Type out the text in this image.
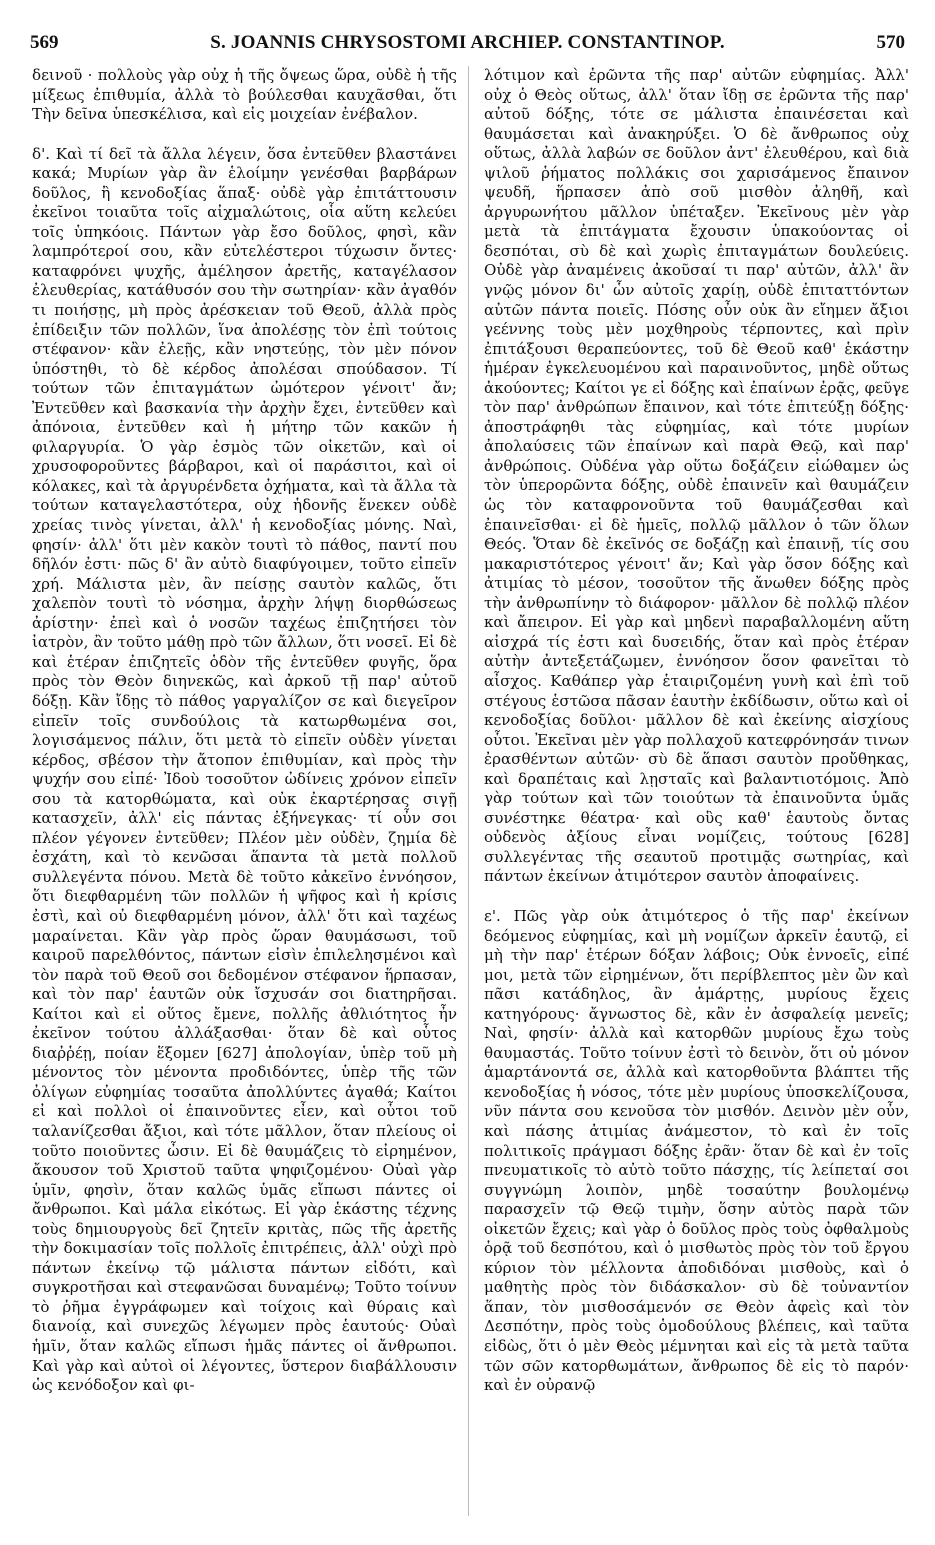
569	S. JOANNIS CHRYSOSTOMI ARCHIEP. CONSTANTINOP.	570

δεινοῦ · πολλοὺς γὰρ οὐχ ἡ τῆς ὄψεως ὥρα, οὐδὲ ἡ τῆς μίξεως ἐπιθυμία, ἀλλὰ τὸ βούλεσθαι καυχᾶσθαι, ὅτι Τὴν δεῖνα ὑπεσκέλισα, καὶ εἰς μοιχείαν ἐνέβαλον.

δ'. Καὶ τί δεῖ τὰ ἄλλα λέγειν, ὅσα ἐντεῦθεν βλαστάνει κακά; Μυρίων γὰρ ἂν ἑλοίμην γενέσθαι βαρβάρων δοῦλος, ἢ κενοδοξίας ἅπαξ· οὐδὲ γὰρ ἐπιτάττουσιν ἐκεῖνοι τοιαῦτα τοῖς αἰχμαλώτοις, οἷα αὕτη κελεύει τοῖς ὑπηκόοις. Πάντων γὰρ ἔσο δοῦλος, φησὶ, κἂν λαμπρότεροί σου, κἂν εὐτελέστεροι τύχωσιν ὄντες· καταφρόνει ψυχῆς, ἀμέλησον ἀρετῆς, καταγέλασον ἐλευθερίας, κατάθυσόν σου τὴν σωτηρίαν· κἂν ἀγαθόν τι ποιήσῃς, μὴ πρὸς ἀρέσκειαν τοῦ Θεοῦ, ἀλλὰ πρὸς ἐπίδειξιν τῶν πολλῶν, ἵνα ἀπολέσῃς τὸν ἐπὶ τούτοις στέφανον· κἂν ἐλεῇς, κἂν νηστεύῃς, τὸν μὲν πόνον ὑπόστηθι, τὸ δὲ κέρδος ἀπολέσαι σπούδασον. Τί τούτων τῶν ἐπιταγμάτων ὠμότερον γένοιτ' ἄν; Ἐντεῦθεν καὶ βασκανία τὴν ἀρχὴν ἔχει, ἐντεῦθεν καὶ ἀπόνοια, ἐντεῦθεν καὶ ἡ μήτηρ τῶν κακῶν ἡ φιλαργυρία. Ὁ γὰρ ἐσμὸς τῶν οἰκετῶν, καὶ οἱ χρυσοφοροῦντες βάρβαροι, καὶ οἱ παράσιτοι, καὶ οἱ κόλακες, καὶ τὰ ἀργυρένδετα ὀχήματα, καὶ τὰ ἄλλα τὰ τούτων καταγελαστότερα, οὐχ ἡδονῆς ἕνεκεν οὐδὲ χρείας τινὸς γίνεται, ἀλλ' ἡ κενοδοξίας μόνης. Ναὶ, φησίν· ἀλλ' ὅτι μὲν κακὸν τουτὶ τὸ πάθος, παντί που δῆλόν ἐστι· πῶς δ' ἂν αὐτὸ διαφύγοιμεν, τοῦτο εἰπεῖν χρή. Μάλιστα μὲν, ἂν πείσῃς σαυτὸν καλῶς, ὅτι χαλεπὸν τουτὶ τὸ νόσημα, ἀρχὴν λήψῃ διορθώσεως ἀρίστην· ἐπεὶ καὶ ὁ νοσῶν ταχέως ἐπιζητήσει τὸν ἰατρὸν, ἂν τοῦτο μάθῃ πρὸ τῶν ἄλλων, ὅτι νοσεῖ. Εἰ δὲ καὶ ἑτέραν ἐπιζητεῖς ὁδὸν τῆς ἐντεῦθεν φυγῆς, ὅρα πρὸς τὸν Θεὸν διηνεκῶς, καὶ ἀρκοῦ τῇ παρ' αὐτοῦ δόξῃ. Κἂν ἴδῃς τὸ πάθος γαργαλίζον σε καὶ διεγεῖρον εἰπεῖν τοῖς συνδούλοις τὰ κατωρθωμένα σοι, λογισάμενος πάλιν, ὅτι μετὰ τὸ εἰπεῖν οὐδὲν γίνεται κέρδος, σβέσον τὴν ἄτοπον ἐπιθυμίαν, καὶ πρὸς τὴν ψυχήν σου εἰπέ· Ἰδοὺ τοσοῦτον ὠδίνεις χρόνον εἰπεῖν σου τὰ κατορθώματα, καὶ οὐκ ἐκαρτέρησας σιγῇ κατασχεῖν, ἀλλ' εἰς πάντας ἐξήνεγκας· τί οὖν σοι πλέον γέγονεν ἐντεῦθεν; Πλέον μὲν οὐδὲν, ζημία δὲ ἐσχάτη, καὶ τὸ κενῶσαι ἅπαντα τὰ μετὰ πολλοῦ συλλεγέντα πόνου. Μετὰ δὲ τοῦτο κἀκεῖνο ἐννόησον, ὅτι διεφθαρμένη τῶν πολλῶν ἡ ψῆφος καὶ ἡ κρίσις ἐστὶ, καὶ οὐ διεφθαρμένη μόνον, ἀλλ' ὅτι καὶ ταχέως μαραίνεται. Κἂν γὰρ πρὸς ὥραν θαυμάσωσι, τοῦ καιροῦ παρελθόντος, πάντων εἰσὶν ἐπιλελησμένοι καὶ τὸν παρὰ τοῦ Θεοῦ σοι δεδομένον στέφανον ἥρπασαν, καὶ τὸν παρ' ἑαυτῶν οὐκ ἴσχυσάν σοι διατηρῆσαι. Καίτοι καὶ εἰ οὕτος ἔμενε, πολλῆς ἀθλιότητος ἦν ἐκεῖνον τούτου ἀλλάξασθαι· ὅταν δὲ καὶ οὗτος διαῤῥέῃ, ποίαν ἕξομεν [627] ἀπολογίαν, ὑπὲρ τοῦ μὴ μένοντος τὸν μένοντα προδιδόντες, ὑπὲρ τῆς τῶν ὀλίγων εὐφημίας τοσαῦτα ἀπολλύντες ἀγαθά; Καίτοι εἰ καὶ πολλοὶ οἱ ἐπαινοῦντες εἶεν, καὶ οὗτοι τοῦ ταλανίζεσθαι ἄξιοι, καὶ τότε μᾶλλον, ὅταν πλείους οἱ τοῦτο ποιοῦντες ὦσιν. Εἰ δὲ θαυμάζεις τὸ εἰρημένον, ἄκουσον τοῦ Χριστοῦ ταῦτα ψηφιζομένου· Οὐαὶ γὰρ ὑμῖν, φησὶν, ὅταν καλῶς ὑμᾶς εἴπωσι πάντες οἱ ἄνθρωποι. Καὶ μάλα εἰκότως. Εἰ γὰρ ἑκάστης τέχνης τοὺς δημιουργοὺς δεῖ ζητεῖν κριτὰς, πῶς τῆς ἀρετῆς τὴν δοκιμασίαν τοῖς πολλοῖς ἐπιτρέπεις, ἀλλ' οὐχὶ πρὸ πάντων ἐκείνῳ τῷ μάλιστα πάντων εἰδότι, καὶ συγκροτῆσαι καὶ στεφανῶσαι δυναμένῳ; Τοῦτο τοίνυν τὸ ῥῆμα ἐγγράφωμεν καὶ τοίχοις καὶ θύραις καὶ διανοίᾳ, καὶ συνεχῶς λέγωμεν πρὸς ἑαυτούς· Οὐαὶ ἡμῖν, ὅταν καλῶς εἴπωσι ἡμᾶς πάντες οἱ ἄνθρωποι. Καὶ γὰρ καὶ αὐτοὶ οἱ λέγοντες, ὕστερον διαβάλλουσιν ὡς κενόδοξον καὶ φι-

λότιμον καὶ ἐρῶντα τῆς παρ' αὐτῶν εὐφημίας. Ἀλλ' οὐχ ὁ Θεὸς οὕτως, ἀλλ' ὅταν ἴδῃ σε ἐρῶντα τῆς παρ' αὐτοῦ δόξης, τότε σε μάλιστα ἐπαινέσεται καὶ θαυμάσεται καὶ ἀνακηρύξει. Ὁ δὲ ἄνθρωπος οὐχ οὕτως, ἀλλὰ λαβών σε δοῦλον ἀντ' ἐλευθέρου, καὶ διὰ ψιλοῦ ῥήματος πολλάκις σοι χαρισάμενος ἔπαινον ψευδῆ, ἥρπασεν ἀπὸ σοῦ μισθὸν ἀληθῆ, καὶ ἀργυρωνήτου μᾶλλον ὑπέταξεν. Ἐκεῖνους μὲν γὰρ μετὰ τὰ ἐπιτάγματα ἔχουσιν ὑπακούοντας οἱ δεσπόται, σὺ δὲ καὶ χωρὶς ἐπιταγμάτων δουλεύεις. Οὐδὲ γὰρ ἀναμένεις ἀκοῦσαί τι παρ' αὐτῶν, ἀλλ' ἂν γνῷς μόνον δι' ὧν αὐτοῖς χαρίῃ, οὐδὲ ἐπιταττόντων αὐτῶν πάντα ποιεῖς. Πόσης οὖν οὐκ ἂν εἴημεν ἄξιοι γεέννης τοὺς μὲν μοχθηροὺς τέρποντες, καὶ πρὶν ἐπιτάξουσι θεραπεύοντες, τοῦ δὲ Θεοῦ καθ' ἑκάστην ἡμέραν ἐγκελευομένου καὶ παραινοῦντος, μηδὲ οὕτως ἀκούοντες; Καίτοι γε εἰ δόξης καὶ ἐπαίνων ἐρᾷς, φεῦγε τὸν παρ' ἀνθρώπων ἔπαινον, καὶ τότε ἐπιτεύξῃ δόξης· ἀποστράφηθι τὰς εὐφημίας, καὶ τότε μυρίων ἀπολαύσεις τῶν ἐπαίνων καὶ παρὰ Θεῷ, καὶ παρ' ἀνθρώποις. Οὐδένα γὰρ οὕτω δοξάζειν εἰώθαμεν ὡς τὸν ὑπερορῶντα δόξης, οὐδὲ ἐπαινεῖν καὶ θαυμάζειν ὡς τὸν καταφρονοῦντα τοῦ θαυμάζεσθαι καὶ ἐπαινεῖσθαι· εἰ δὲ ἡμεῖς, πολλῷ μᾶλλον ὁ τῶν ὅλων Θεός. Ὅταν δὲ ἐκεῖνός σε δοξάζῃ καὶ ἐπαινῇ, τίς σου μακαριστότερος γένοιτ' ἄν; Καὶ γὰρ ὅσον δόξης καὶ ἀτιμίας τὸ μέσον, τοσοῦτον τῆς ἄνωθεν δόξης πρὸς τὴν ἀνθρωπίνην τὸ διάφορον· μᾶλλον δὲ πολλῷ πλέον καὶ ἄπειρον. Εἰ γὰρ καὶ μηδενὶ παραβαλλομένη αὕτη αἰσχρά τίς ἐστι καὶ δυσειδής, ὅταν καὶ πρὸς ἑτέραν αὐτὴν ἀντεξετάζωμεν, ἐννόησον ὅσον φανεῖται τὸ αἶσχος. Καθάπερ γὰρ ἑταιριζομένη γυνὴ καὶ ἐπὶ τοῦ στέγους ἑστῶσα πᾶσαν ἑαυτὴν ἐκδίδωσιν, οὕτω καὶ οἱ κενοδοξίας δοῦλοι· μᾶλλον δὲ καὶ ἐκείνης αἰσχίους οὗτοι. Ἐκεῖναι μὲν γὰρ πολλαχοῦ κατεφρόνησάν τινων ἐρασθέντων αὐτῶν· σὺ δὲ ἅπασι σαυτὸν προὔθηκας, καὶ δραπέταις καὶ λῃσταῖς καὶ βαλαντιοτόμοις. Ἀπὸ γὰρ τούτων καὶ τῶν τοιούτων τὰ ἐπαινοῦντα ὑμᾶς συνέστηκε θέατρα· καὶ οὓς καθ' ἑαυτοὺς ὄντας οὐδενὸς ἀξίους εἶναι νομίζεις, τούτους [628] συλλεγέντας τῆς σεαυτοῦ προτιμᾷς σωτηρίας, καὶ πάντων ἐκείνων ἀτιμότερον σαυτὸν ἀποφαίνεις.

ε'. Πῶς γὰρ οὐκ ἀτιμότερος ὁ τῆς παρ' ἐκείνων δεόμενος εὐφημίας, καὶ μὴ νομίζων ἀρκεῖν ἑαυτῷ, εἰ μὴ τὴν παρ' ἑτέρων δόξαν λάβοις; Οὐκ ἐννοεῖς, εἰπέ μοι, μετὰ τῶν εἰρημένων, ὅτι περίβλεπτος μὲν ὢν καὶ πᾶσι κατάδηλος, ἂν ἁμάρτῃς, μυρίους ἔχεις κατηγόρους· ἄγνωστος δὲ, κἂν ἐν ἀσφαλείᾳ μενεῖς; Ναὶ, φησίν· ἀλλὰ καὶ κατορθῶν μυρίους ἔχω τοὺς θαυμαστάς. Τοῦτο τοίνυν ἐστὶ τὸ δεινὸν, ὅτι οὐ μόνον ἁμαρτάνοντά σε, ἀλλὰ καὶ κατορθοῦντα βλάπτει τῆς κενοδοξίας ἡ νόσος, τότε μὲν μυρίους ὑποσκελίζουσα, νῦν πάντα σου κενοῦσα τὸν μισθόν. Δεινὸν μὲν οὖν, καὶ πάσης ἀτιμίας ἀνάμεστον, τὸ καὶ ἐν τοῖς πολιτικοῖς πράγμασι δόξης ἐρᾶν· ὅταν δὲ καὶ ἐν τοῖς πνευματικοῖς τὸ αὐτὸ τοῦτο πάσχῃς, τίς λείπεταί σοι συγγνώμη λοιπὸν, μηδὲ τοσαύτην βουλομένῳ παρασχεῖν τῷ Θεῷ τιμὴν, ὅσην αὐτὸς παρὰ τῶν οἰκετῶν ἔχεις; καὶ γὰρ ὁ δοῦλος πρὸς τοὺς ὀφθαλμοὺς ὁρᾷ τοῦ δεσπότου, καὶ ὁ μισθωτὸς πρὸς τὸν τοῦ ἔργου κύριον τὸν μέλλοντα ἀποδιδόναι μισθοὺς, καὶ ὁ μαθητὴς πρὸς τὸν διδάσκαλον· σὺ δὲ τοὐναντίον ἅπαν, τὸν μισθοσάμενόν σε Θεὸν ἀφεὶς καὶ τὸν Δεσπότην, πρὸς τοὺς ὁμοδούλους βλέπεις, καὶ ταῦτα εἰδὼς, ὅτι ὁ μὲν Θεὸς μέμνηται καὶ εἰς τὰ μετὰ ταῦτα τῶν σῶν κατορθωμάτων, ἄνθρωπος δὲ εἰς τὸ παρόν· καὶ ἐν οὐρανῷ
